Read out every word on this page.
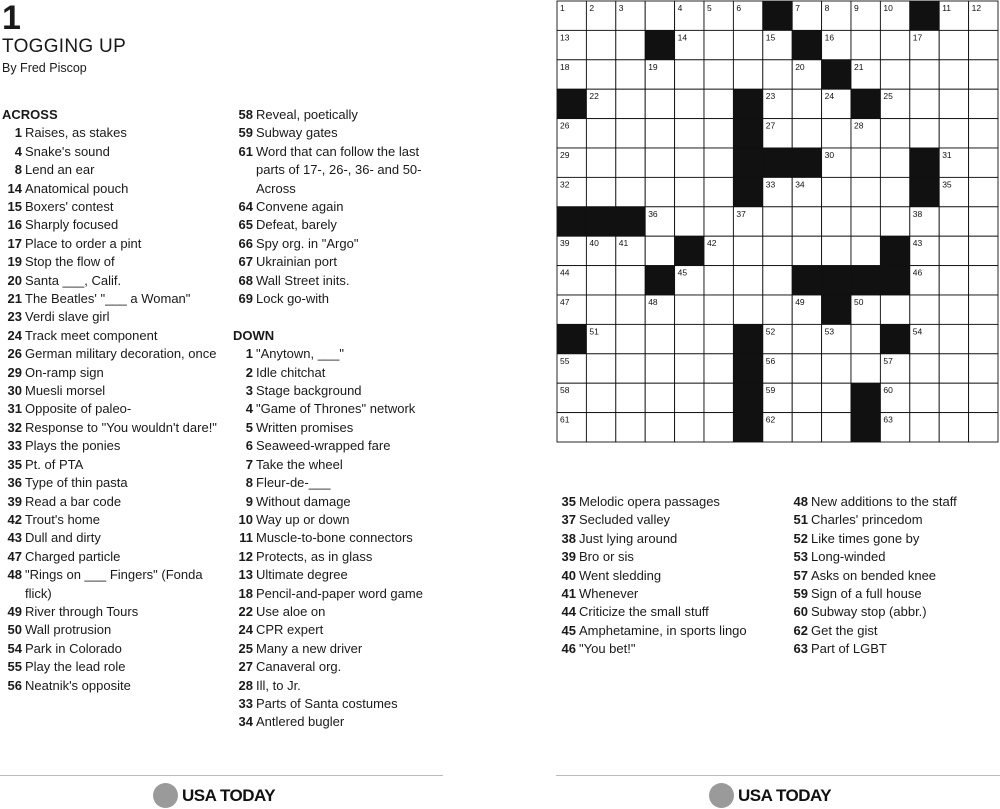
1
TOGGING UP
By Fred Piscop
ACROSS
1 Raises, as stakes
4 Snake's sound
8 Lend an ear
14 Anatomical pouch
15 Boxers' contest
16 Sharply focused
17 Place to order a pint
19 Stop the flow of
20 Santa ___, Calif.
21 The Beatles' "___ a Woman"
23 Verdi slave girl
24 Track meet component
26 German military decoration, once
29 On-ramp sign
30 Muesli morsel
31 Opposite of paleo-
32 Response to "You wouldn't dare!"
33 Plays the ponies
35 Pt. of PTA
36 Type of thin pasta
39 Read a bar code
42 Trout's home
43 Dull and dirty
47 Charged particle
48 "Rings on ___ Fingers" (Fonda flick)
49 River through Tours
50 Wall protrusion
54 Park in Colorado
55 Play the lead role
56 Neatnik's opposite
58 Reveal, poetically
59 Subway gates
61 Word that can follow the last parts of 17-, 26-, 36- and 50-Across
64 Convene again
65 Defeat, barely
66 Spy org. in "Argo"
67 Ukrainian port
68 Wall Street inits.
69 Lock go-with
DOWN
1 "Anytown, ___"
2 Idle chitchat
3 Stage background
4 "Game of Thrones" network
5 Written promises
6 Seaweed-wrapped fare
7 Take the wheel
8 Fleur-de-___
9 Without damage
10 Way up or down
11 Muscle-to-bone connectors
12 Protects, as in glass
13 Ultimate degree
18 Pencil-and-paper word game
22 Use aloe on
24 CPR expert
25 Many a new driver
27 Canaveral org.
28 Ill, to Jr.
33 Parts of Santa costumes
34 Antlered bugler
35 Melodic opera passages
37 Secluded valley
38 Just lying around
39 Bro or sis
40 Went sledding
41 Whenever
44 Criticize the small stuff
45 Amphetamine, in sports lingo
46 "You bet!"
48 New additions to the staff
51 Charles' princedom
52 Like times gone by
53 Long-winded
57 Asks on bended knee
59 Sign of a full house
60 Subway stop (abbr.)
62 Get the gist
63 Part of LGBT
1	2	3	4	5	6	7	8	9	10	11 12
13	14	15	16	17
18	19	20	21
22	23	24	25
26	27	28
29	30	31
32	33 34	35
36	37	38
39 40 41	42	43
44	45	46
47	48	49	50
51	52	53	54
55	56	57
58	59	60
61	62	63
USA TODAY	USA TODAY
